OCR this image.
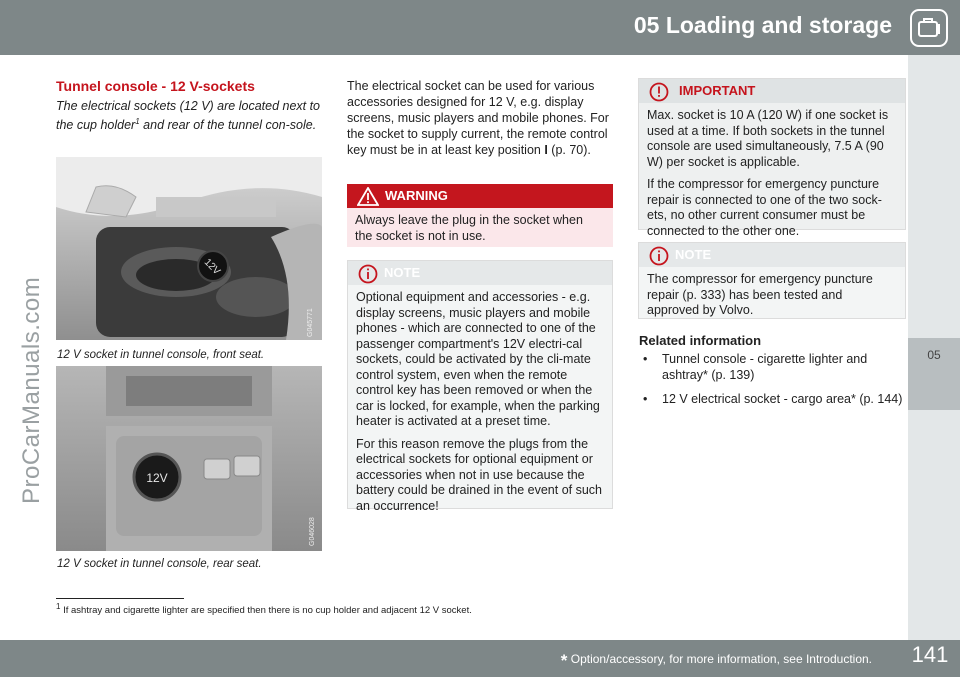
05 Loading and storage
05
ProCarManuals.com
Tunnel console - 12 V-sockets

The electrical sockets (12 V) are located next to the cup holder$^1$ and rear of the tunnel con-sole.

12V
G045771
12 V socket in tunnel console, front seat.
12V
G046028
12 V socket in tunnel console, rear seat.

The electrical socket can be used for various accessories designed for 12 V, e.g. display screens, music players and mobile phones. For the socket to supply current, the remote control key must be in at least key position I (p. 70).

WARNING

Always leave the plug in the socket when the socket is not in use.

NOTE

Optional equipment and accessories - e.g. display screens, music players and mobile phones - which are connected to one of the passenger compartment's 12V electri-cal sockets, could be activated by the cli-mate control system, even when the remote control key has been removed or when the car is locked, for example, when the parking heater is activated at a preset time.

For this reason remove the plugs from the electrical sockets for optional equipment or accessories when not in use because the battery could be drained in the event of such an occurrence!

IMPORTANT

Max. socket is 10 A (120 W) if one socket is used at a time. If both sockets in the tunnel console are used simultaneously, 7.5 A (90 W) per socket is applicable.

If the compressor for emergency puncture repair is connected to one of the two sock-ets, no other current consumer must be connected to the other one.

NOTE

The compressor for emergency puncture repair (p. 333) has been tested and approved by Volvo.

Related information
• Tunnel console - cigarette lighter and ashtray* (p. 139)
• 12 V electrical socket - cargo area* (p. 144)
$^1$ If ashtray and cigarette lighter are specified then there is no cup holder and adjacent 12 V socket.
* Option/accessory, for more information, see Introduction. 141
